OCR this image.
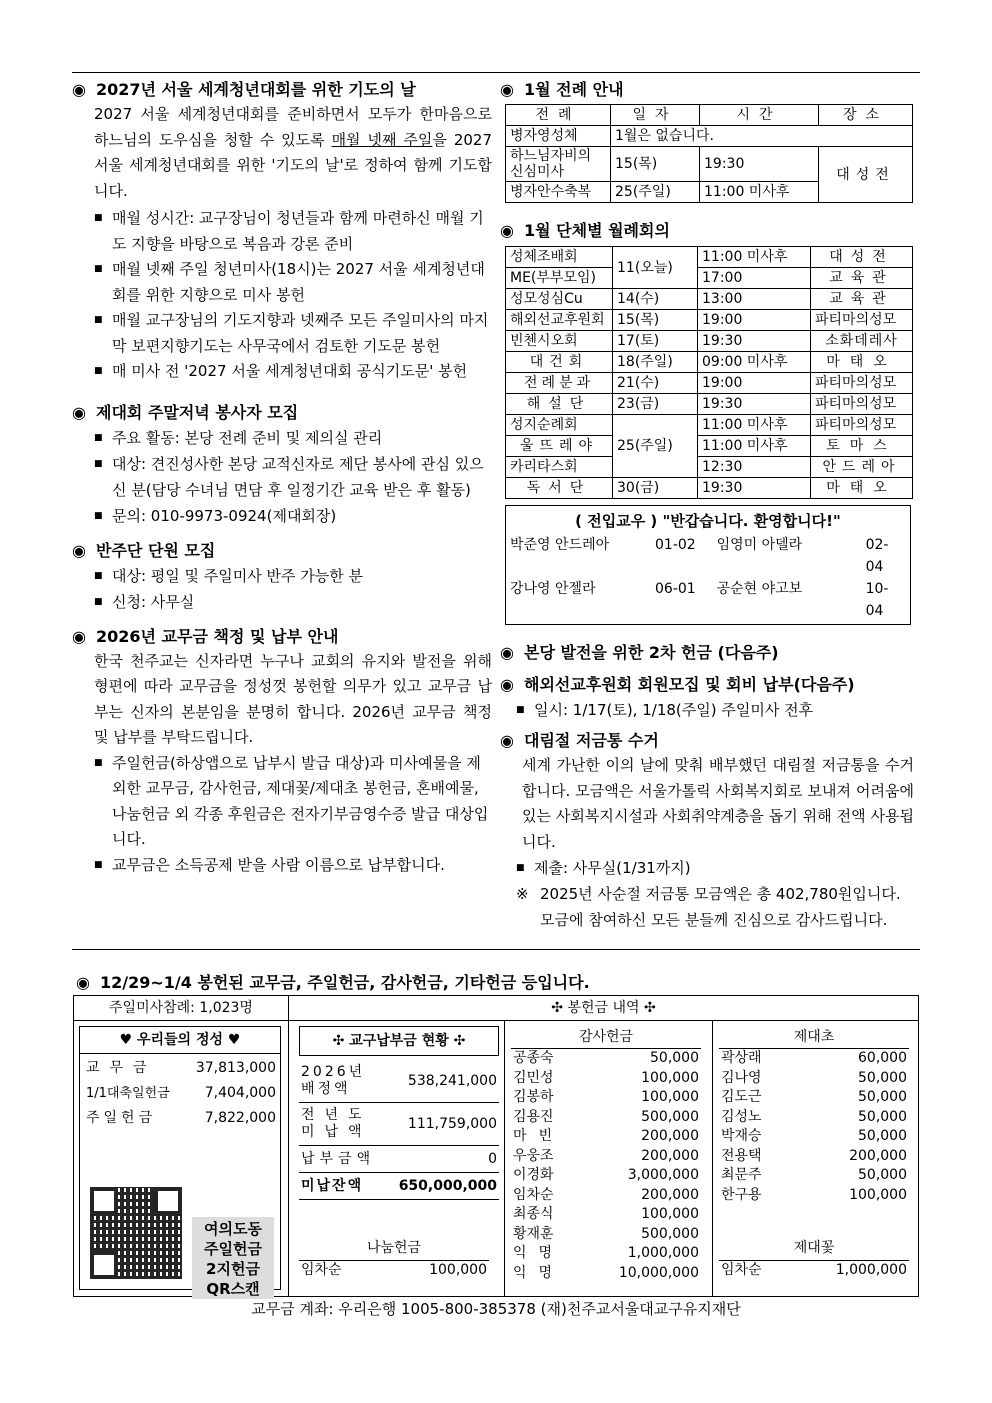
◉ 2027년 서울 세계청년대회를 위한 기도의 날
2027 서울 세계청년대회를 준비하면서 모두가 한마음으로 하느님의 도우심을 청할 수 있도록 매월 넷째 주일을 2027 서울 세계청년대회를 위한 '기도의 날'로 정하여 함께 기도합니다.
■ 매월 성시간: 교구장님이 청년들과 함께 마련하신 매월 기도 지향을 바탕으로 복음과 강론 준비
■ 매월 넷째 주일 청년미사(18시)는 2027 서울 세계청년대회를 위한 지향으로 미사 봉헌
■ 매월 교구장님의 기도지향과 넷째주 모든 주일미사의 마지막 보편지향기도는 사무국에서 검토한 기도문 봉헌
■ 매 미사 전 '2027 서울 세계청년대회 공식기도문' 봉헌
◉ 제대회 주말저녁 봉사자 모집
■ 주요 활동: 본당 전례 준비 및 제의실 관리
■ 대상: 견진성사한 본당 교적신자로 제단 봉사에 관심 있으신 분(담당 수녀님 면담 후 일정기간 교육 받은 후 활동)
■ 문의: 010-9973-0924(제대회장)
◉ 반주단 단원 모집
■ 대상: 평일 및 주일미사 반주 가능한 분
■ 신청: 사무실
◉ 2026년 교무금 책정 및 납부 안내
한국 천주교는 신자라면 누구나 교회의 유지와 발전을 위해 형편에 따라 교무금을 정성껏 봉헌할 의무가 있고 교무금 납부는 신자의 본분임을 분명히 합니다. 2026년 교무금 책정 및 납부를 부탁드립니다.
■ 주일헌금(하상앱으로 납부시 발급 대상)과 미사예물을 제외한 교무금, 감사헌금, 제대꽃/제대초 봉헌금, 혼배예물, 나눔헌금 외 각종 후원금은 전자기부금영수증 발급 대상입니다.
■ 교무금은 소득공제 받을 사람 이름으로 납부합니다.
◉ 1월 전례 안내
전례	일자	시간	장소
병자영성체	1월은 없습니다.		
하느님자비의 신심미사	15(목)	19:30	대성전
병자안수축복	25(주일)	11:00 미사후	
◉ 1월 단체별 월례회의
성체조배회	11(오늘)	11:00 미사후	대성전
ME(부부모임)		17:00	교육관
성모성심Cu	14(수)	13:00	교육관
해외선교후원회	15(목)	19:00	파티마의성모
빈첸시오회	17(토)	19:30	소화데레사
대건회	18(주일)	09:00 미사후	마태오
전례분과	21(수)	19:00	파티마의성모
해설단	23(금)	19:30	파티마의성모
성지순례회	25(주일)	11:00 미사후	파티마의성모
울뜨레야		11:00 미사후	토마스
카리타스회		12:30	안드레아
독서단	30(금)	19:30	마태오
( 전입교우 ) "반갑습니다. 환영합니다!"
박준영 안드레아	01-02	임영미 아델라	02-04
강나영 안젤라	06-01	공순현 야고보	10-04
◉ 본당 발전을 위한 2차 헌금 (다음주)
◉ 해외선교후원회 회원모집 및 회비 납부(다음주)
■ 일시: 1/17(토), 1/18(주일) 주일미사 전후
◉ 대림절 저금통 수거
세계 가난한 이의 날에 맞춰 배부했던 대림절 저금통을 수거합니다. 모금액은 서울가톨릭 사회복지회로 보내져 어려움에 있는 사회복지시설과 사회취약계층을 돕기 위해 전액 사용됩니다.
■ 제출: 사무실(1/31까지)
※ 2025년 사순절 저금통 모금액은 총 402,780원입니다. 모금에 참여하신 모든 분들께 진심으로 감사드립니다.
◉ 12/29~1/4 봉헌된 교무금, 주일헌금, 감사헌금, 기타헌금 등입니다.
주일미사참례: 1,023명	✣ 봉헌금 내역 ✣
♥ 우리들의 정성 ♥
교무금	37,813,000
1/1대축일헌금	7,404,000
주일헌금	7,822,000
여의도동
주일헌금
2지헌금
QR스캔
✣ 교구납부금 현황 ✣
2026년 배정액	538,241,000
전년도 미납액	111,759,000
납부금액	0
미납잔액	650,000,000
나눔헌금
임차순	100,000
감사헌금
공종숙	50,000
김민성	100,000
김봉하	100,000
김용진	500,000
마빈	200,000
우웅조	200,000
이경화	3,000,000
임차순	200,000
최종식	100,000
황재훈	500,000
익명	1,000,000
익명	10,000,000
제대초
곽상래	60,000
김나영	50,000
김도근	50,000
김성노	50,000
박재승	50,000
전용택	200,000
최문주	50,000
한구용	100,000
제대꽃
임차순	1,000,000
교무금 계좌: 우리은행 1005-800-385378 (재)천주교서울대교구유지재단
